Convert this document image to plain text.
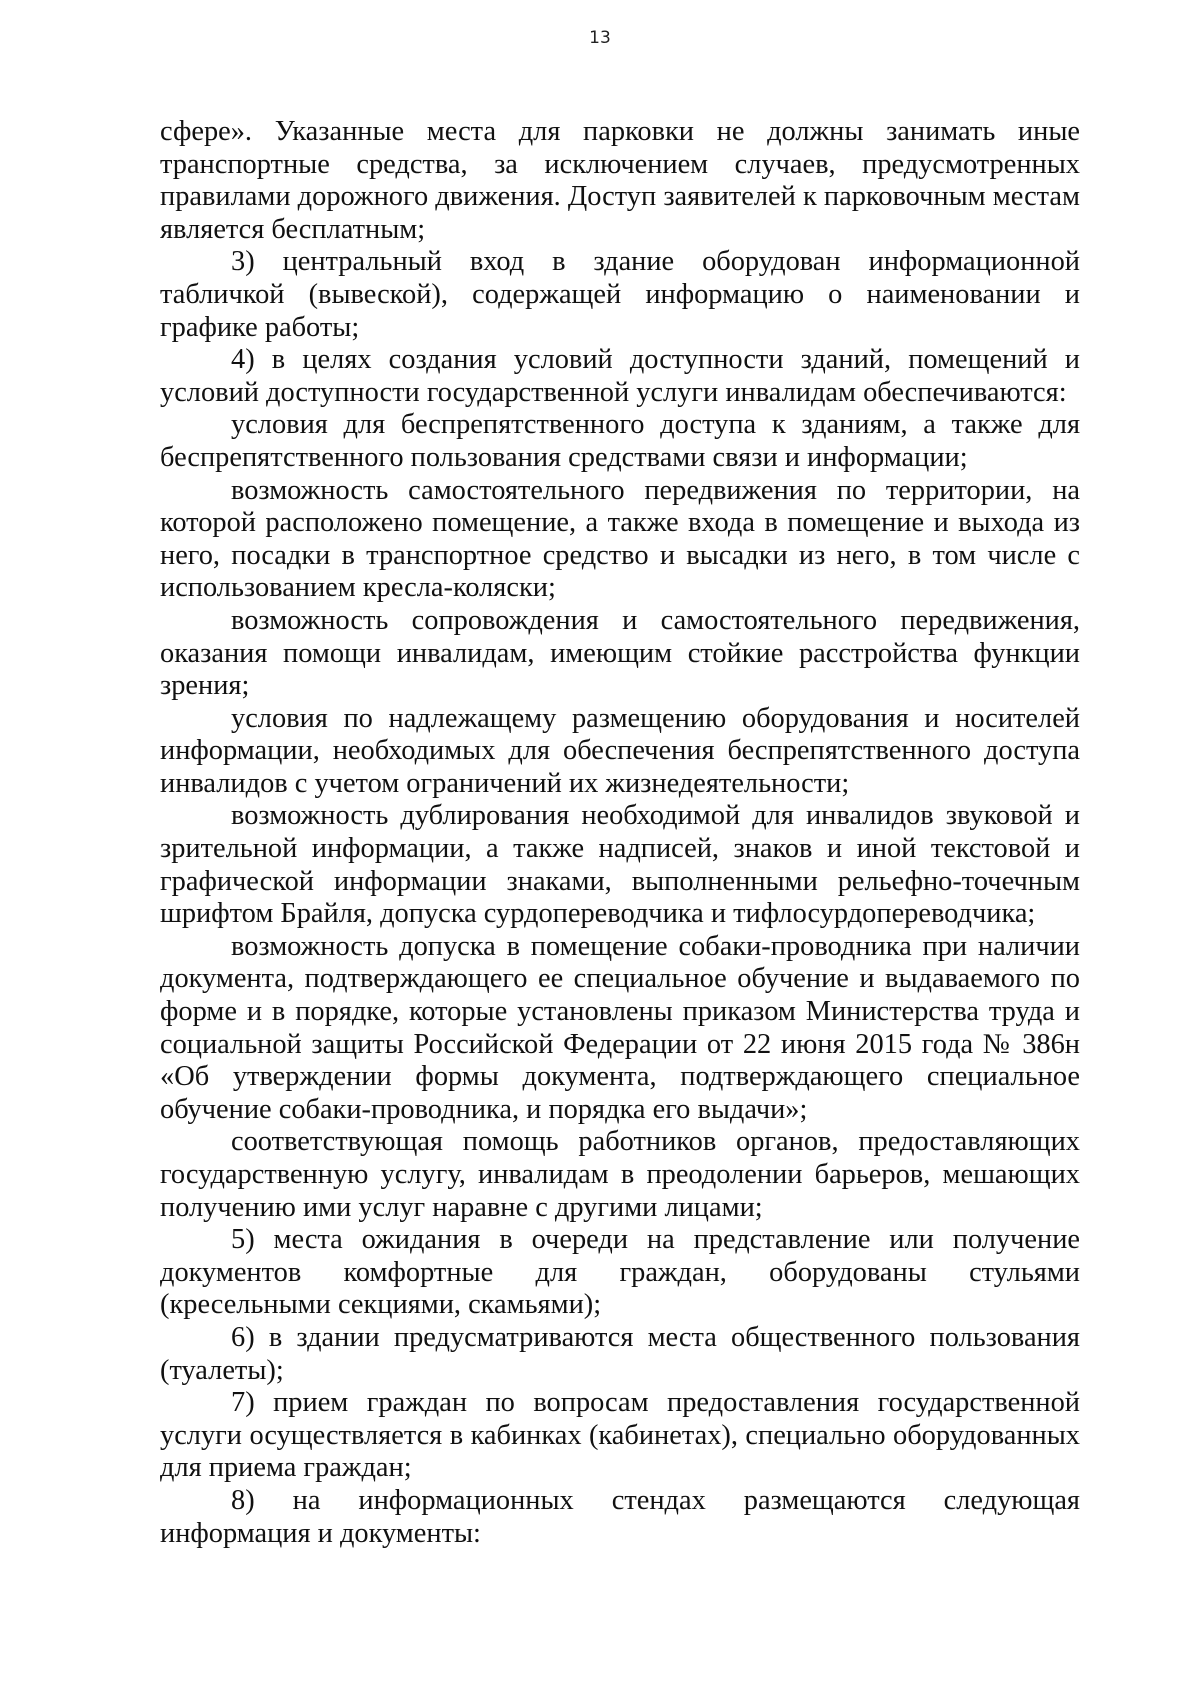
13

сфере». Указанные места для парковки не должны занимать иные транспортные средства, за исключением случаев, предусмотренных правилами дорожного движения. Доступ заявителей к парковочным местам является бесплатным;

3) центральный вход в здание оборудован информационной табличкой (вывеской), содержащей информацию о наименовании и графике работы;

4) в целях создания условий доступности зданий, помещений и условий доступности государственной услуги инвалидам обеспечиваются:

условия для беспрепятственного доступа к зданиям, а также для беспрепятственного пользования средствами связи и информации;

возможность самостоятельного передвижения по территории, на которой расположено помещение, а также входа в помещение и выхода из него, посадки в транспортное средство и высадки из него, в том числе с использованием кресла-коляски;

возможность сопровождения и самостоятельного передвижения, оказания помощи инвалидам, имеющим стойкие расстройства функции зрения;

условия по надлежащему размещению оборудования и носителей информации, необходимых для обеспечения беспрепятственного доступа инвалидов с учетом ограничений их жизнедеятельности;

возможность дублирования необходимой для инвалидов звуковой и зрительной информации, а также надписей, знаков и иной текстовой и графической информации знаками, выполненными рельефно-точечным шрифтом Брайля, допуска сурдопереводчика и тифлосурдопереводчика;

возможность допуска в помещение собаки-проводника при наличии документа, подтверждающего ее специальное обучение и выдаваемого по форме и в порядке, которые установлены приказом Министерства труда и социальной защиты Российской Федерации от 22 июня 2015 года № 386н «Об утверждении формы документа, подтверждающего специальное обучение собаки-проводника, и порядка его выдачи»;

соответствующая помощь работников органов, предоставляющих государственную услугу, инвалидам в преодолении барьеров, мешающих получению ими услуг наравне с другими лицами;

5) места ожидания в очереди на представление или получение документов комфортные для граждан, оборудованы стульями (кресельными секциями, скамьями);

6) в здании предусматриваются места общественного пользования (туалеты);

7) прием граждан по вопросам предоставления государственной услуги осуществляется в кабинках (кабинетах), специально оборудованных для приема граждан;

8) на информационных стендах размещаются следующая информация и документы:
